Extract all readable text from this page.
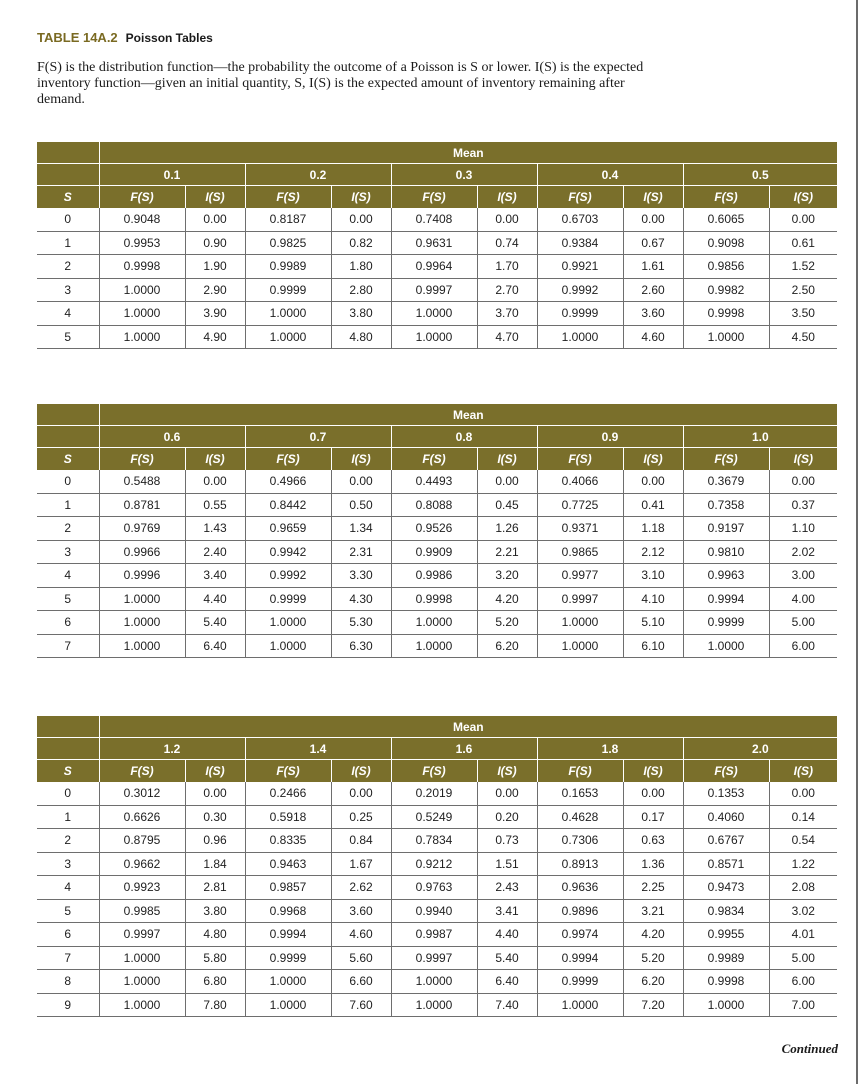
TABLE 14A.2 Poisson Tables
F(S) is the distribution function—the probability the outcome of a Poisson is S or lower. I(S) is the expected inventory function—given an initial quantity, S, I(S) is the expected amount of inventory remaining after demand.
	Mean									
	0.1		0.2		0.3		0.4		0.5	
S	F(S)	I(S)	F(S)	I(S)	F(S)	I(S)	F(S)	I(S)	F(S)	I(S)
0	0.9048	0.00	0.8187	0.00	0.7408	0.00	0.6703	0.00	0.6065	0.00
1	0.9953	0.90	0.9825	0.82	0.9631	0.74	0.9384	0.67	0.9098	0.61
2	0.9998	1.90	0.9989	1.80	0.9964	1.70	0.9921	1.61	0.9856	1.52
3	1.0000	2.90	0.9999	2.80	0.9997	2.70	0.9992	2.60	0.9982	2.50
4	1.0000	3.90	1.0000	3.80	1.0000	3.70	0.9999	3.60	0.9998	3.50
5	1.0000	4.90	1.0000	4.80	1.0000	4.70	1.0000	4.60	1.0000	4.50
	Mean									
	0.6		0.7		0.8		0.9		1.0	
S	F(S)	I(S)	F(S)	I(S)	F(S)	I(S)	F(S)	I(S)	F(S)	I(S)
0	0.5488	0.00	0.4966	0.00	0.4493	0.00	0.4066	0.00	0.3679	0.00
1	0.8781	0.55	0.8442	0.50	0.8088	0.45	0.7725	0.41	0.7358	0.37
2	0.9769	1.43	0.9659	1.34	0.9526	1.26	0.9371	1.18	0.9197	1.10
3	0.9966	2.40	0.9942	2.31	0.9909	2.21	0.9865	2.12	0.9810	2.02
4	0.9996	3.40	0.9992	3.30	0.9986	3.20	0.9977	3.10	0.9963	3.00
5	1.0000	4.40	0.9999	4.30	0.9998	4.20	0.9997	4.10	0.9994	4.00
6	1.0000	5.40	1.0000	5.30	1.0000	5.20	1.0000	5.10	0.9999	5.00
7	1.0000	6.40	1.0000	6.30	1.0000	6.20	1.0000	6.10	1.0000	6.00
	Mean									
	1.2		1.4		1.6		1.8		2.0	
S	F(S)	I(S)	F(S)	I(S)	F(S)	I(S)	F(S)	I(S)	F(S)	I(S)
0	0.3012	0.00	0.2466	0.00	0.2019	0.00	0.1653	0.00	0.1353	0.00
1	0.6626	0.30	0.5918	0.25	0.5249	0.20	0.4628	0.17	0.4060	0.14
2	0.8795	0.96	0.8335	0.84	0.7834	0.73	0.7306	0.63	0.6767	0.54
3	0.9662	1.84	0.9463	1.67	0.9212	1.51	0.8913	1.36	0.8571	1.22
4	0.9923	2.81	0.9857	2.62	0.9763	2.43	0.9636	2.25	0.9473	2.08
5	0.9985	3.80	0.9968	3.60	0.9940	3.41	0.9896	3.21	0.9834	3.02
6	0.9997	4.80	0.9994	4.60	0.9987	4.40	0.9974	4.20	0.9955	4.01
7	1.0000	5.80	0.9999	5.60	0.9997	5.40	0.9994	5.20	0.9989	5.00
8	1.0000	6.80	1.0000	6.60	1.0000	6.40	0.9999	6.20	0.9998	6.00
9	1.0000	7.80	1.0000	7.60	1.0000	7.40	1.0000	7.20	1.0000	7.00
Continued
